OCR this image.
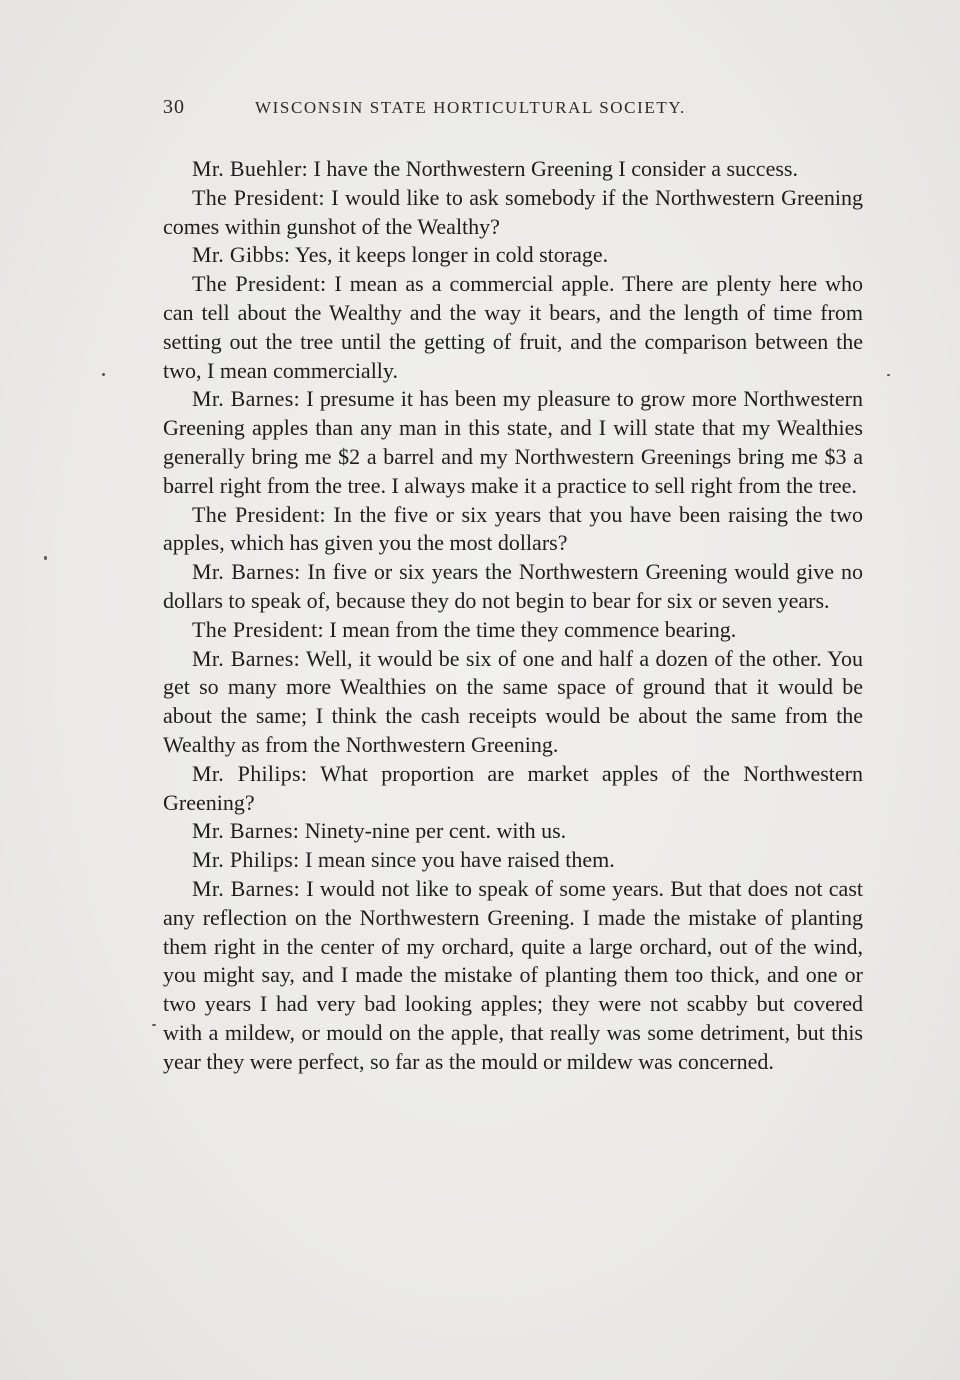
30	WISCONSIN STATE HORTICULTURAL SOCIETY.

Mr. Buehler: I have the Northwestern Greening I consider a success.

The President: I would like to ask somebody if the Northwestern Greening comes within gunshot of the Wealthy?

Mr. Gibbs: Yes, it keeps longer in cold storage.

The President: I mean as a commercial apple. There are plenty here who can tell about the Wealthy and the way it bears, and the length of time from setting out the tree until the getting of fruit, and the comparison between the two, I mean commercially.

Mr. Barnes: I presume it has been my pleasure to grow more Northwestern Greening apples than any man in this state, and I will state that my Wealthies generally bring me $2 a barrel and my Northwestern Greenings bring me $3 a barrel right from the tree. I always make it a practice to sell right from the tree.

The President: In the five or six years that you have been raising the two apples, which has given you the most dollars?

Mr. Barnes: In five or six years the Northwestern Greening would give no dollars to speak of, because they do not begin to bear for six or seven years.

The President: I mean from the time they commence bearing.

Mr. Barnes: Well, it would be six of one and half a dozen of the other. You get so many more Wealthies on the same space of ground that it would be about the same; I think the cash receipts would be about the same from the Wealthy as from the Northwestern Greening.

Mr. Philips: What proportion are market apples of the Northwestern Greening?

Mr. Barnes: Ninety-nine per cent. with us.

Mr. Philips: I mean since you have raised them.

Mr. Barnes: I would not like to speak of some years. But that does not cast any reflection on the Northwestern Greening. I made the mistake of planting them right in the center of my orchard, quite a large orchard, out of the wind, you might say, and I made the mistake of planting them too thick, and one or two years I had very bad looking apples; they were not scabby but covered with a mildew, or mould on the apple, that really was some detriment, but this year they were perfect, so far as the mould or mildew was concerned.
